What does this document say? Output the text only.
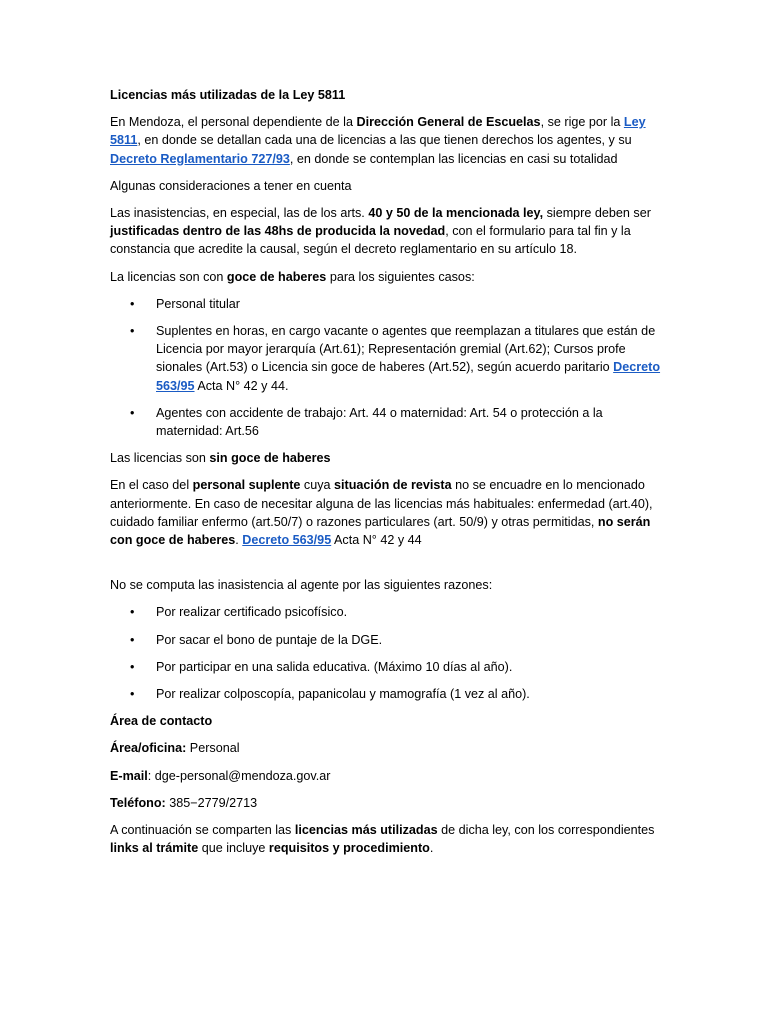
Licencias más utilizadas de la Ley 5811

En Mendoza, el personal dependiente de la Dirección General de Escuelas, se rige por la Ley 5811, en donde se detallan cada una de licencias a las que tienen derechos los agentes, y su Decreto Reglamentario 727/93, en donde se contemplan las licencias en casi su totalidad

Algunas consideraciones a tener en cuenta

Las inasistencias, en especial, las de los arts. 40 y 50 de la mencionada ley, siempre deben ser justificadas dentro de las 48hs de producida la novedad, con el formulario para tal fin y la constancia que acredite la causal, según el decreto reglamentario en su artículo 18.

La licencias son con goce de haberes para los siguientes casos:

• Personal titular
• Suplentes en horas, en cargo vacante o agentes que reemplazan a titulares que están de Licencia por mayor jerarquía (Art.61); Representación gremial (Art.62); Cursos profe sionales (Art.53) o Licencia sin goce de haberes (Art.52), según acuerdo paritario Decreto 563/95 Acta N° 42 y 44.
• Agentes con accidente de trabajo: Art. 44 o maternidad: Art. 54 o protección a la maternidad: Art.56

Las licencias son sin goce de haberes

En el caso del personal suplente cuya situación de revista no se encuadre en lo mencionado anteriormente. En caso de necesitar alguna de las licencias más habituales: enfermedad (art.40), cuidado familiar enfermo (art.50/7) o razones particulares (art. 50/9) y otras permitidas, no serán con goce de haberes. Decreto 563/95 Acta N° 42 y 44

No se computa las inasistencia al agente por las siguientes razones:

• Por realizar certificado psicofísico.
• Por sacar el bono de puntaje de la DGE.
• Por participar en una salida educativa. (Máximo 10 días al año).
• Por realizar colposcopía, papanicolau y mamografía (1 vez al año).

Área de contacto

Área/oficina: Personal

E-mail: dge-personal@mendoza.gov.ar

Teléfono: 385−2779/2713

A continuación se comparten las licencias más utilizadas de dicha ley, con los correspondientes links al trámite que incluye requisitos y procedimiento.
